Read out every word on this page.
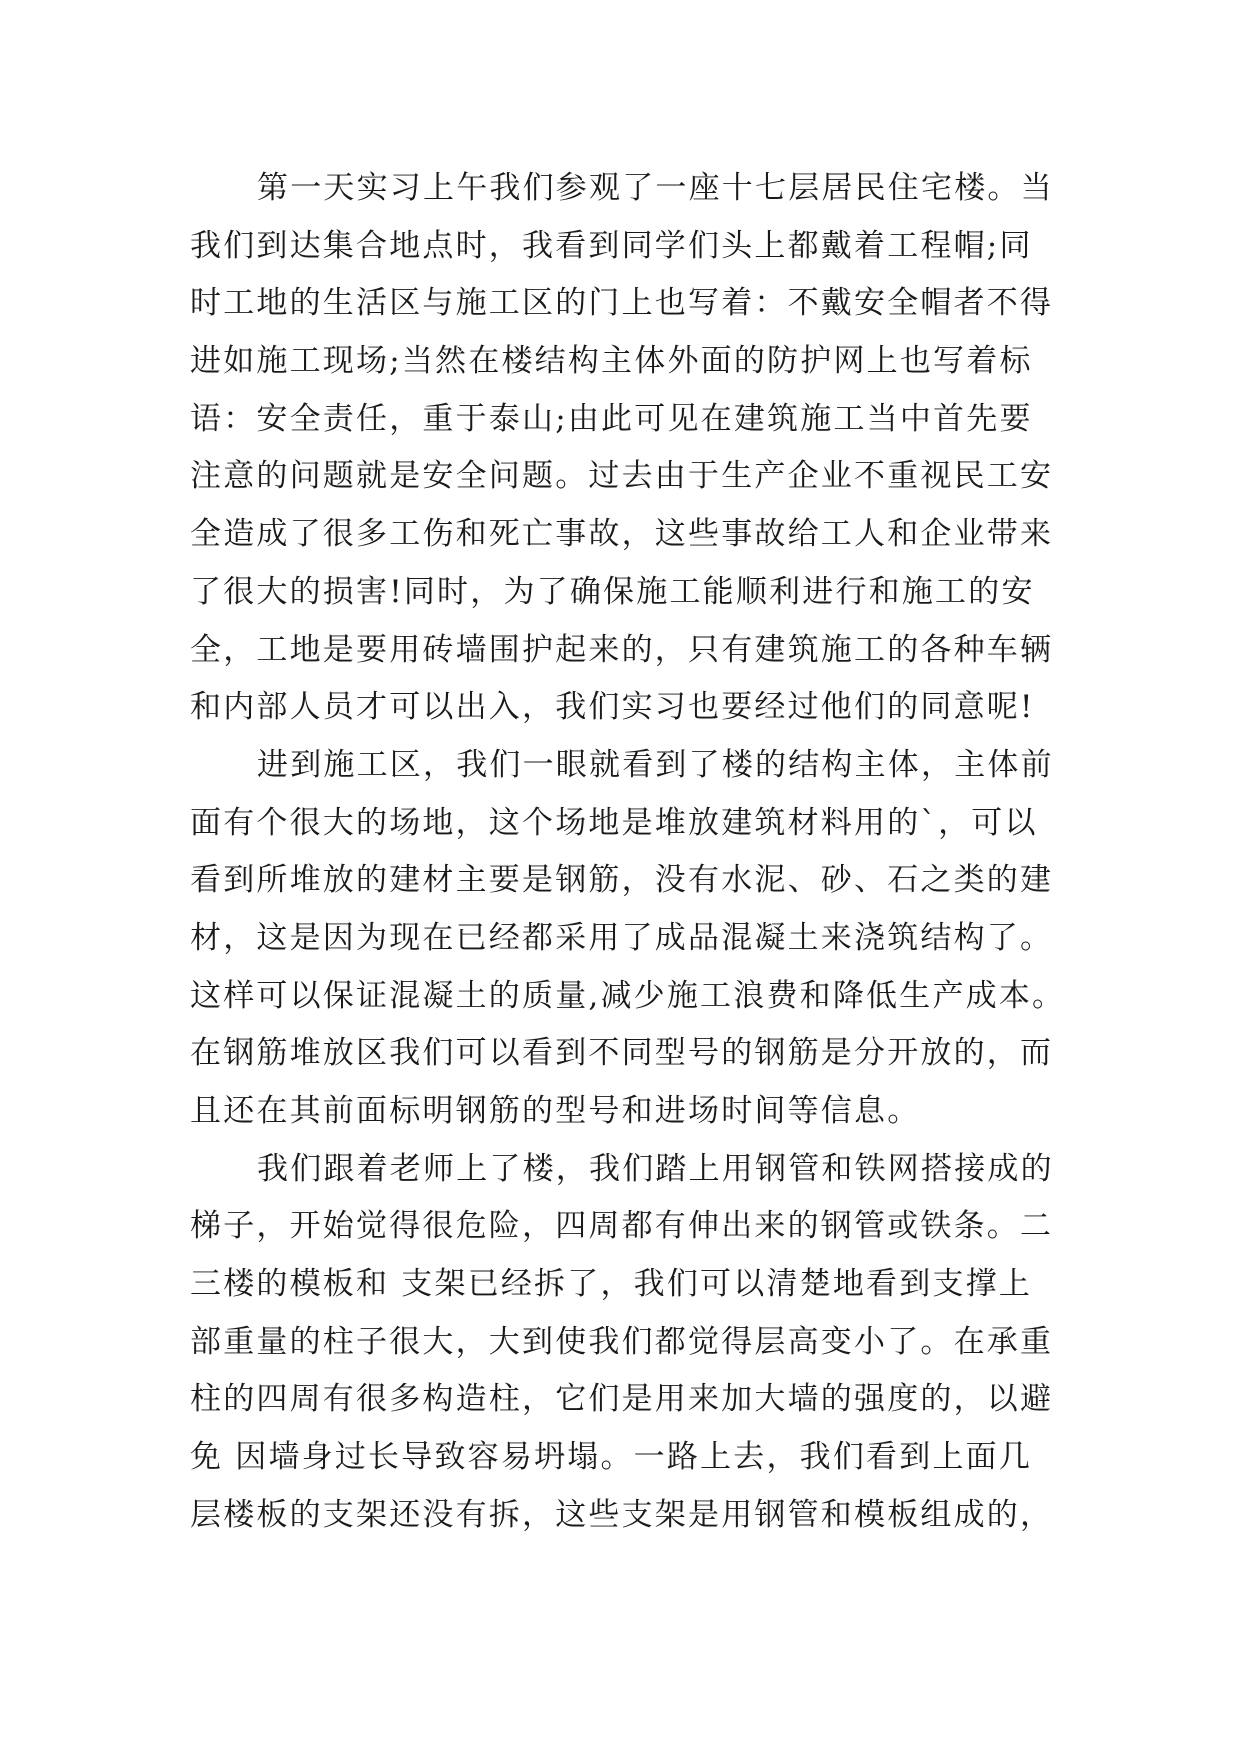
第一天实习上午我们参观了一座十七层居民住宅楼。当
我们到达集合地点时，我看到同学们头上都戴着工程帽;同
时工地的生活区与施工区的门上也写着：不戴安全帽者不得
进如施工现场;当然在楼结构主体外面的防护网上也写着标
语：安全责任，重于泰山;由此可见在建筑施工当中首先要
注意的问题就是安全问题。过去由于生产企业不重视民工安
全造成了很多工伤和死亡事故，这些事故给工人和企业带来
了很大的损害!同时，为了确保施工能顺利进行和施工的安
全，工地是要用砖墙围护起来的，只有建筑施工的各种车辆
和内部人员才可以出入，我们实习也要经过他们的同意呢!
进到施工区，我们一眼就看到了楼的结构主体，主体前
面有个很大的场地，这个场地是堆放建筑材料用的`，可以
看到所堆放的建材主要是钢筋，没有水泥、砂、石之类的建
材，这是因为现在已经都采用了成品混凝土来浇筑结构了。
这样可以保证混凝土的质量,减少施工浪费和降低生产成本。
在钢筋堆放区我们可以看到不同型号的钢筋是分开放的，而
且还在其前面标明钢筋的型号和进场时间等信息。
我们跟着老师上了楼，我们踏上用钢管和铁网搭接成的
梯子，开始觉得很危险，四周都有伸出来的钢管或铁条。二
三楼的模板和 支架已经拆了，我们可以清楚地看到支撑上
部重量的柱子很大，大到使我们都觉得层高变小了。在承重
柱的四周有很多构造柱，它们是用来加大墙的强度的，以避
免 因墙身过长导致容易坍塌。一路上去，我们看到上面几
层楼板的支架还没有拆，这些支架是用钢管和模板组成的，
